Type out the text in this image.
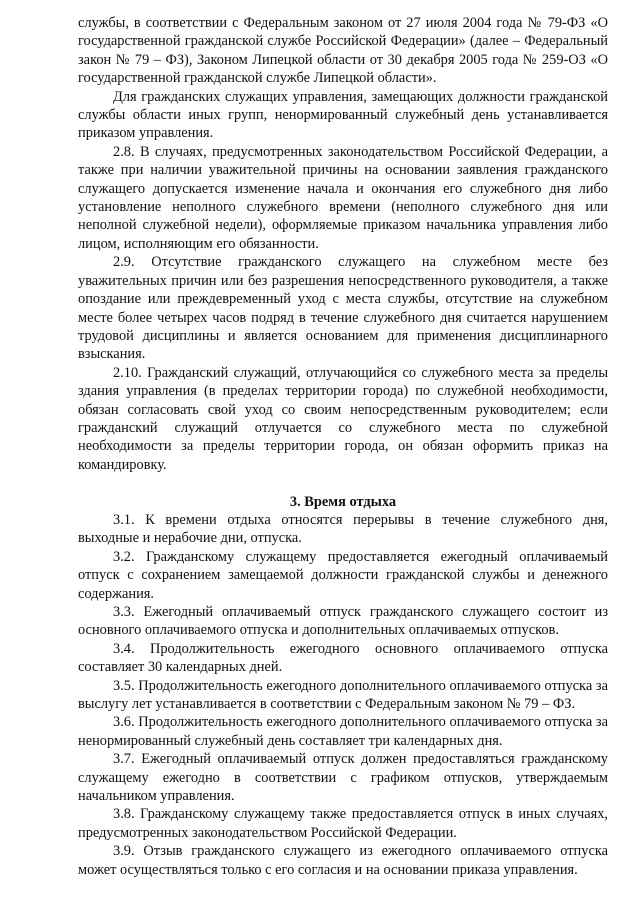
службы, в соответствии с Федеральным законом от 27 июля 2004 года № 79-ФЗ «О государственной гражданской службе Российской Федерации» (далее – Федеральный закон № 79 – ФЗ), Законом Липецкой области от 30 декабря 2005 года № 259-ОЗ «О государственной гражданской службе Липецкой области».

Для гражданских служащих управления, замещающих должности гражданской службы области иных групп, ненормированный служебный день устанавливается приказом управления.

2.8. В случаях, предусмотренных законодательством Российской Федерации, а также при наличии уважительной причины на основании заявления гражданского служащего допускается изменение начала и окончания его служебного дня либо установление неполного служебного времени (неполного служебного дня или неполной служебной недели), оформляемые приказом начальника управления либо лицом, исполняющим его обязанности.

2.9. Отсутствие гражданского служащего на служебном месте без уважительных причин или без разрешения непосредственного руководителя, а также опоздание или преждевременный уход с места службы, отсутствие на служебном месте более четырех часов подряд в течение служебного дня считается нарушением трудовой дисциплины и является основанием для применения дисциплинарного взыскания.

2.10. Гражданский служащий, отлучающийся со служебного места за пределы здания управления (в пределах территории города) по служебной необходимости, обязан согласовать свой уход со своим непосредственным руководителем; если гражданский служащий отлучается со служебного места по служебной необходимости за пределы территории города, он обязан оформить приказ на командировку.

3. Время отдыха

3.1. К времени отдыха относятся перерывы в течение служебного дня, выходные и нерабочие дни, отпуска.

3.2. Гражданскому служащему предоставляется ежегодный оплачиваемый отпуск с сохранением замещаемой должности гражданской службы и денежного содержания.

3.3. Ежегодный оплачиваемый отпуск гражданского служащего состоит из основного оплачиваемого отпуска и дополнительных оплачиваемых отпусков.

3.4. Продолжительность ежегодного основного оплачиваемого отпуска составляет 30 календарных дней.

3.5. Продолжительность ежегодного дополнительного оплачиваемого отпуска за выслугу лет устанавливается в соответствии с Федеральным законом № 79 – ФЗ.

3.6. Продолжительность ежегодного дополнительного оплачиваемого отпуска за ненормированный служебный день составляет три календарных дня.

3.7. Ежегодный оплачиваемый отпуск должен предоставляться гражданскому служащему ежегодно в соответствии с графиком отпусков, утверждаемым начальником управления.

3.8. Гражданскому служащему также предоставляется отпуск в иных случаях, предусмотренных законодательством Российской Федерации.

3.9. Отзыв гражданского служащего из ежегодного оплачиваемого отпуска может осуществляться только с его согласия и на основании приказа управления.
